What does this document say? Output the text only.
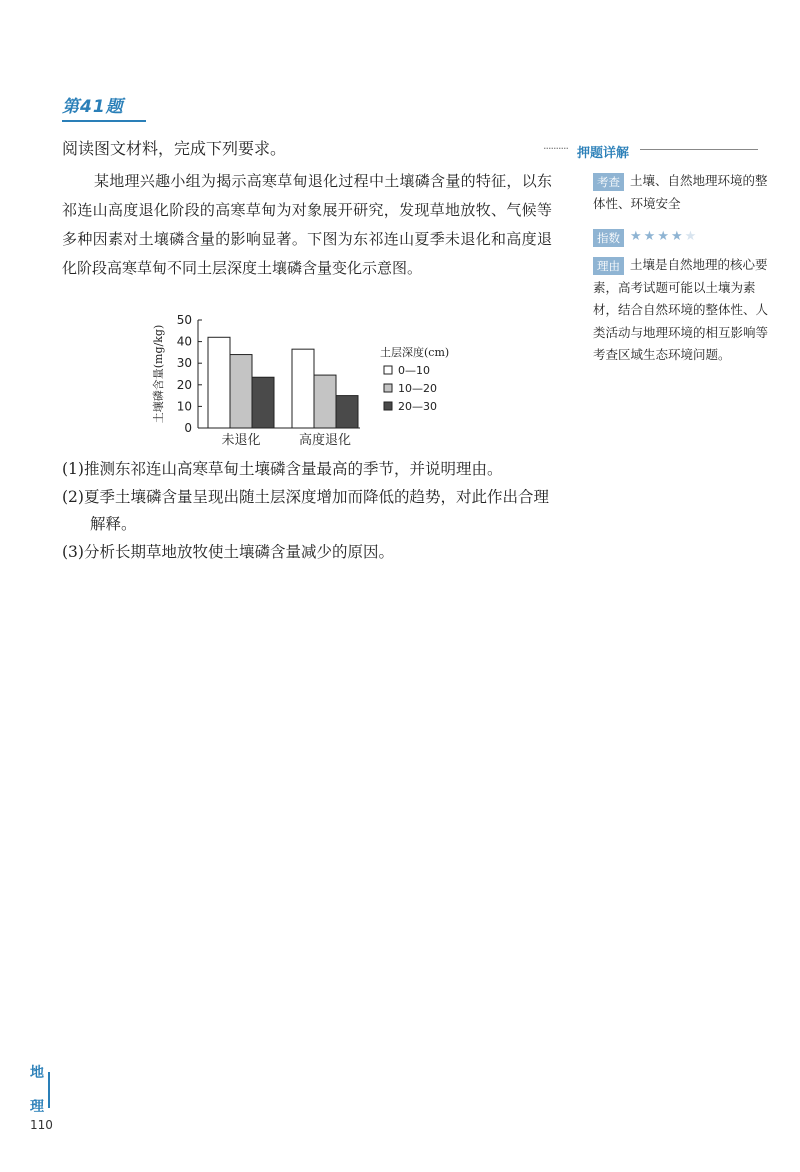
第41题
阅读图文材料，完成下列要求。
某地理兴趣小组为揭示高寒草甸退化过程中土壤磷含量的特征，以东祁连山高度退化阶段的高寒草甸为对象展开研究，发现草地放牧、气候等多种因素对土壤磷含量的影响显著。下图为东祁连山夏季未退化和高度退化阶段高寒草甸不同土层深度土壤磷含量变化示意图。
土壤磷含量(mg/kg)
0
10
20
30
40
50
未退化	高度退化
土层深度(cm)
0—10
10—20
20—30
(1)推测东祁连山高寒草甸土壤磷含量最高的季节，并说明理由。
(2)夏季土壤磷含量呈现出随土层深度增加而降低的趋势，对此作出合理解释。
(3)分析长期草地放牧使土壤磷含量减少的原因。
·········· 押题详解
考查 土壤、自然地理环境的整体性、环境安全
指数 ★★★★★
理由 土壤是自然地理的核心要素，高考试题可能以土壤为素材，结合自然环境的整体性、人类活动与地理环境的相互影响等考查区域生态环境问题。
地
理
110
